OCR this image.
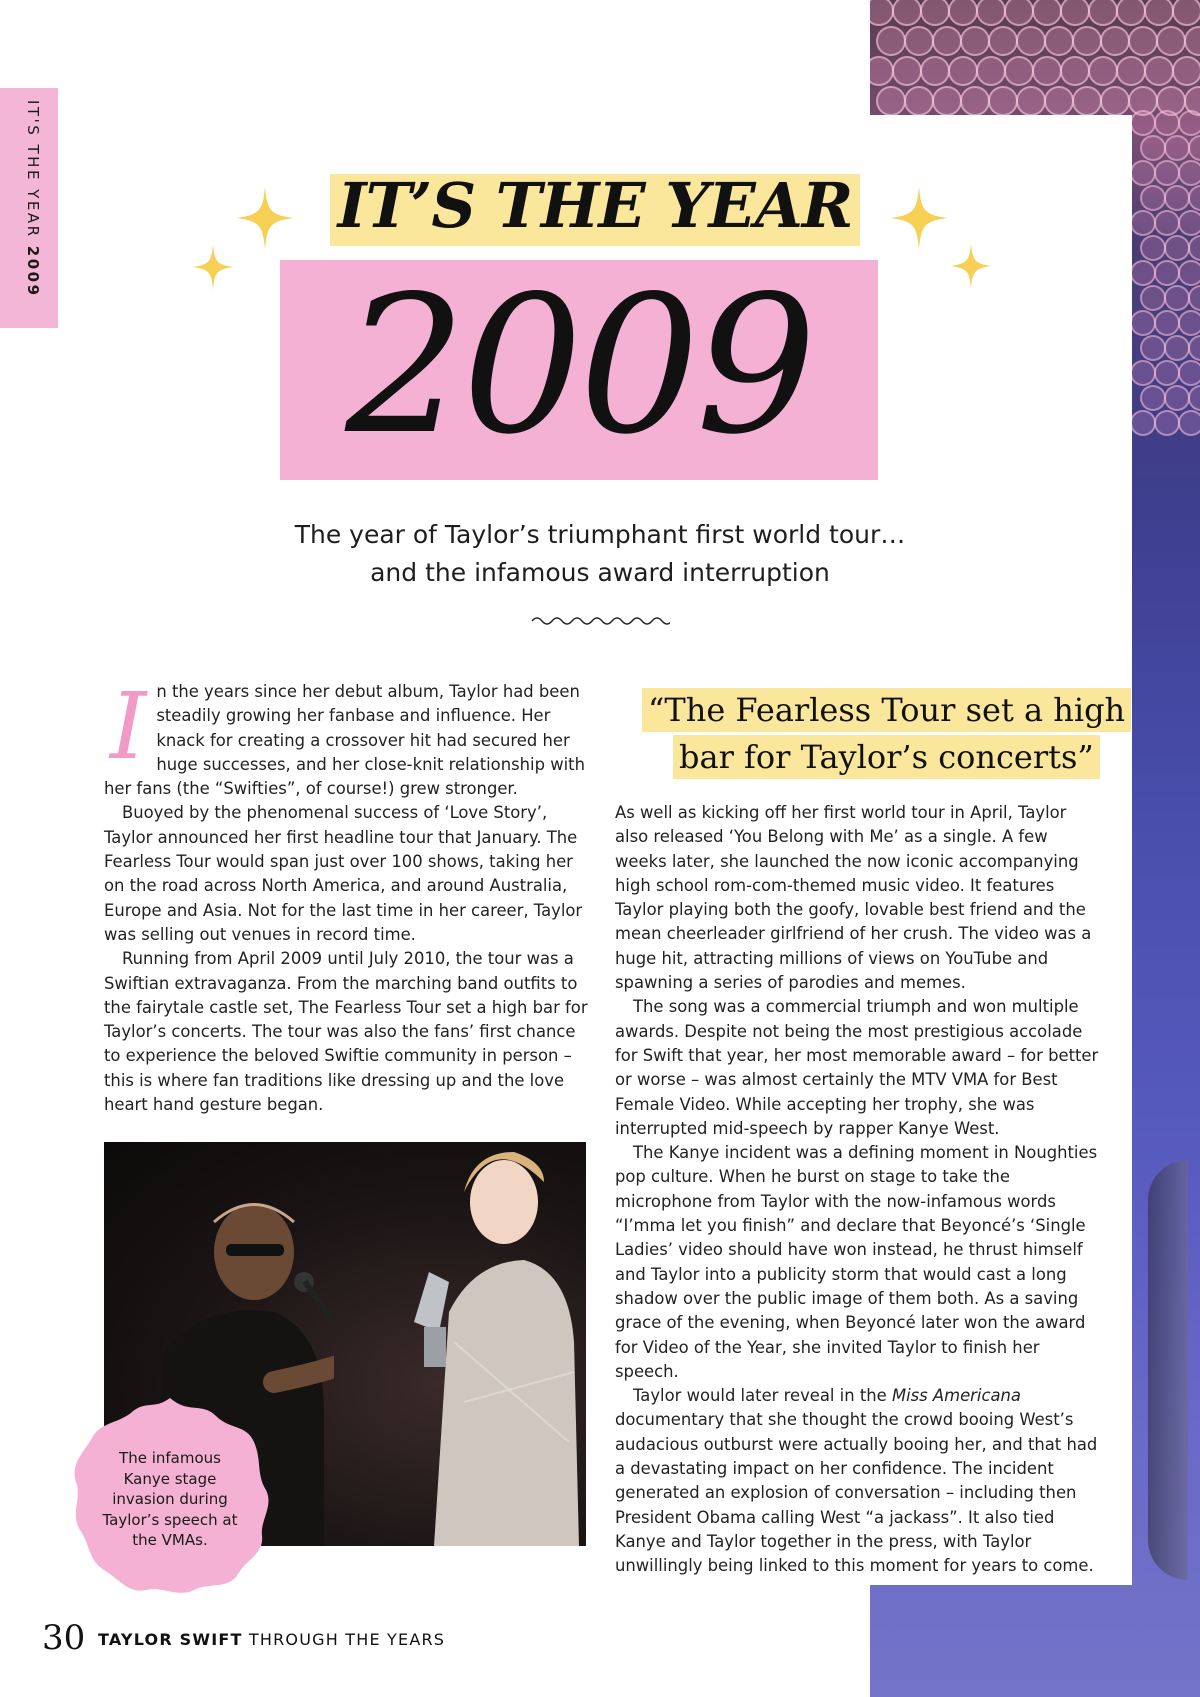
IT'S THE YEAR 2009
IT’S THE YEAR
2009
The year of Taylor’s triumphant first world tour…
and the infamous award interruption

I n the years since her debut album, Taylor had been
steadily growing her fanbase and influence. Her
knack for creating a crossover hit had secured her
huge successes, and her close-knit relationship with
her fans (the “Swifties”, of course!) grew stronger.

Buoyed by the phenomenal success of ‘Love Story’, Taylor announced her first headline tour that January. The Fearless Tour would span just over 100 shows, taking her on the road across North America, and around Australia, Europe and Asia. Not for the last time in her career, Taylor was selling out venues in record time.

Running from April 2009 until July 2010, the tour was a Swiftian extravaganza. From the marching band outfits to the fairytale castle set, The Fearless Tour set a high bar for Taylor’s concerts. The tour was also the fans’ first chance to experience the beloved Swiftie community in person – this is where fan traditions like dressing up and the love heart hand gesture began.

“The Fearless Tour set a high
bar for Taylor’s concerts”

As well as kicking off her first world tour in April, Taylor also released ‘You Belong with Me’ as a single. A few weeks later, she launched the now iconic accompanying high school rom-com-themed music video. It features Taylor playing both the goofy, lovable best friend and the mean cheerleader girlfriend of her crush. The video was a huge hit, attracting millions of views on YouTube and spawning a series of parodies and memes.

The song was a commercial triumph and won multiple awards. Despite not being the most prestigious accolade for Swift that year, her most memorable award – for better or worse – was almost certainly the MTV VMA for Best Female Video. While accepting her trophy, she was interrupted mid-speech by rapper Kanye West.

The Kanye incident was a defining moment in Noughties pop culture. When he burst on stage to take the microphone from Taylor with the now-infamous words “I’mma let you finish” and declare that Beyoncé’s ‘Single Ladies’ video should have won instead, he thrust himself and Taylor into a publicity storm that would cast a long shadow over the public image of them both. As a saving grace of the evening, when Beyoncé later won the award for Video of the Year, she invited Taylor to finish her speech.

Taylor would later reveal in the Miss Americana documentary that she thought the crowd booing West’s audacious outburst were actually booing her, and that had a devastating impact on her confidence. The incident generated an explosion of conversation – including then President Obama calling West “a jackass”. It also tied Kanye and Taylor together in the press, with Taylor unwillingly being linked to this moment for years to come.

The infamous Kanye stage invasion during Taylor’s speech at the VMAs.
30 TAYLOR SWIFT THROUGH THE YEARS
